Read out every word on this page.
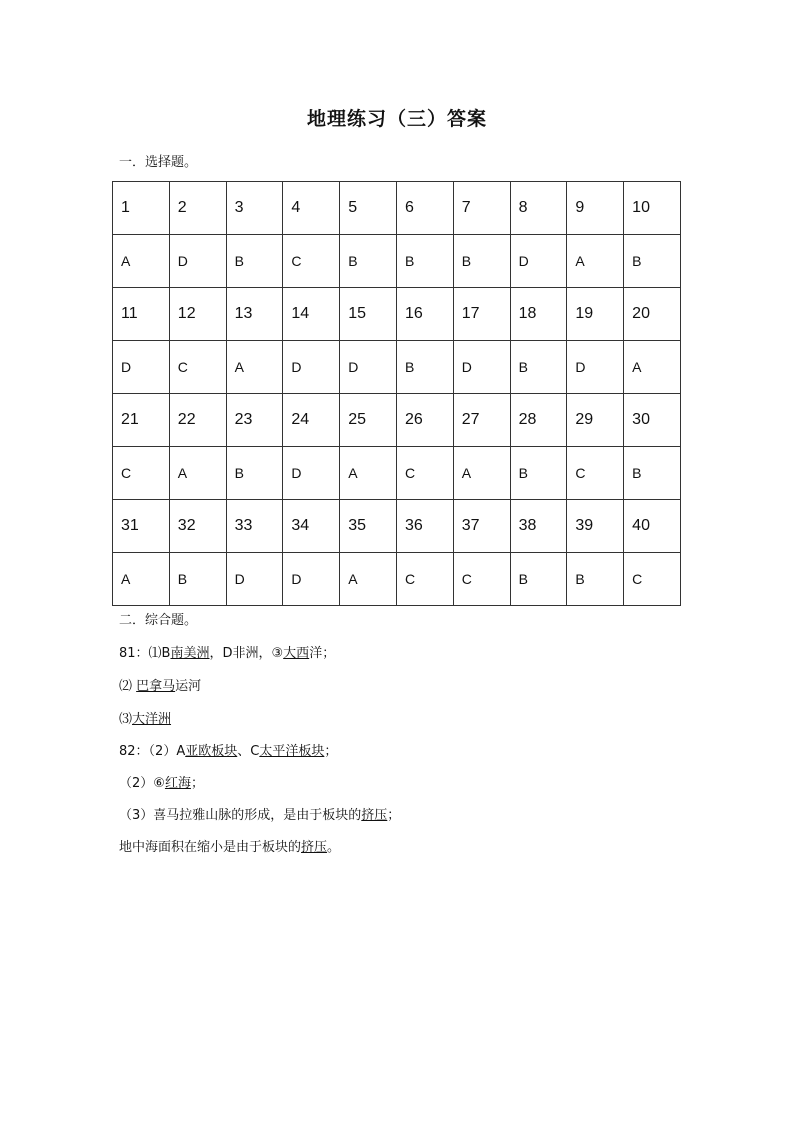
地理练习（三）答案
一．选择题。
1	2	3	4	5	6	7	8	9	10
A	D	B	C	B	B	B	D	A	B
11	12	13	14	15	16	17	18	19	20
D	C	A	D	D	B	D	B	D	A
21	22	23	24	25	26	27	28	29	30
C	A	B	D	A	C	A	B	C	B
31	32	33	34	35	36	37	38	39	40
A	B	D	D	A	C	C	B	B	C
二．综合题。
81：⑴B南美洲，D非洲，③大西洋；
⑵ 巴拿马运河
⑶大洋洲
82：（2）A亚欧板块、C太平洋板块；
（2）⑥红海；
（3）喜马拉雅山脉的形成，是由于板块的挤压；
地中海面积在缩小是由于板块的挤压。
